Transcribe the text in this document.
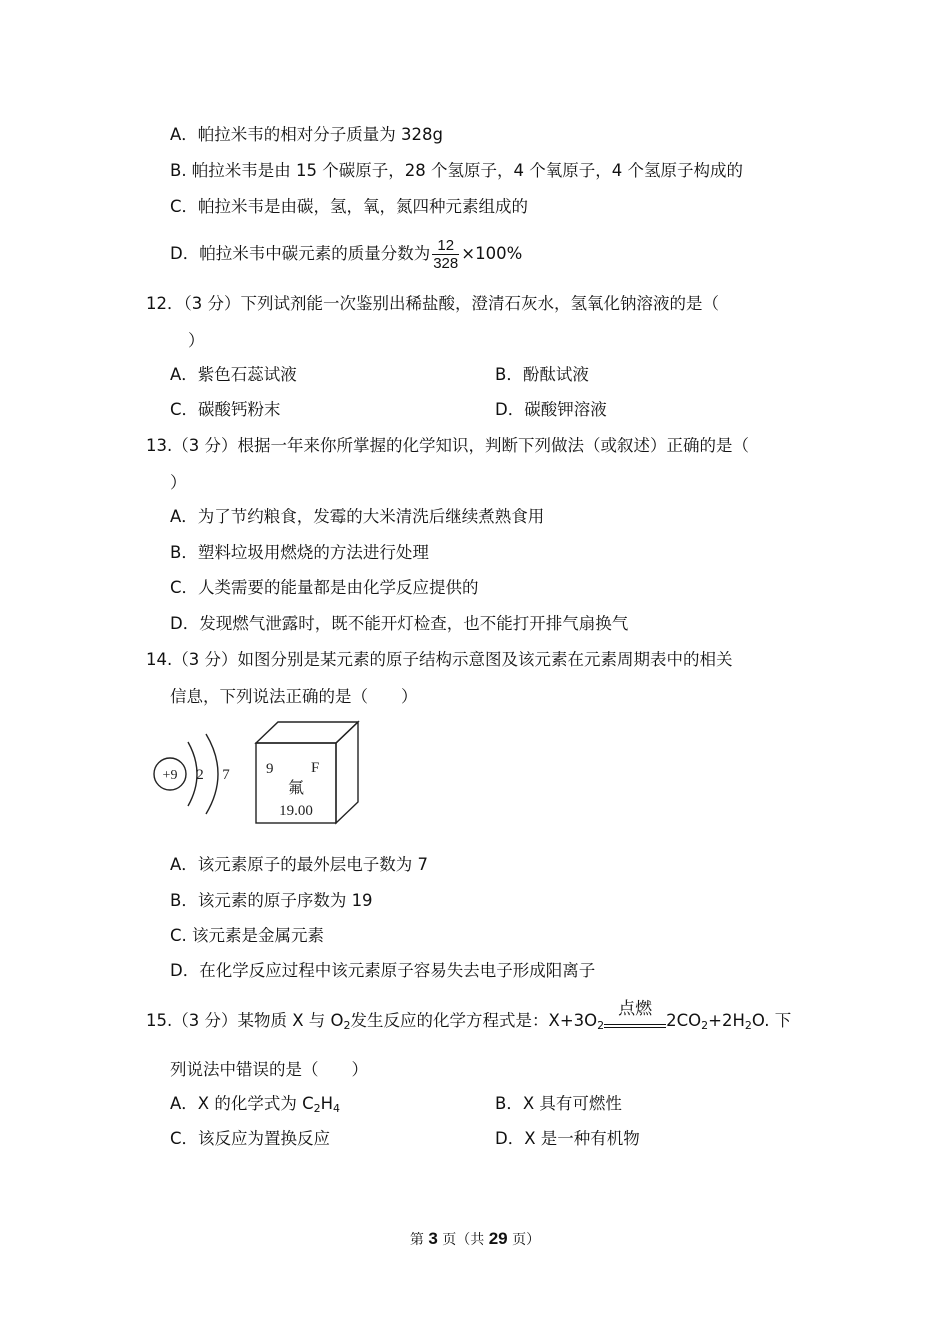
A．帕拉米韦的相对分子质量为 328g
B. 帕拉米韦是由 15 个碳原子，28 个氢原子，4 个氧原子，4 个氢原子构成的
C．帕拉米韦是由碳，氢，氧，氮四种元素组成的
D．帕拉米韦中碳元素的质量分数为 $\frac{12}{328} \times 100\%$
12．（3 分）下列试剂能一次鉴别出稀盐酸，澄清石灰水，氢氧化钠溶液的是（
）
A．紫色石蕊试液	B．酚酞试液
C．碳酸钙粉末	D．碳酸钾溶液
13.（3 分）根据一年来你所掌握的化学知识，判断下列做法（或叙述）正确的是（
）
A．为了节约粮食，发霉的大米清洗后继续煮熟食用
B．塑料垃圾用燃烧的方法进行处理
C．人类需要的能量都是由化学反应提供的
D．发现燃气泄露时，既不能开灯检查，也不能打开排气扇换气
14.（3 分）如图分别是某元素的原子结构示意图及该元素在元素周期表中的相关
信息，下列说法正确的是（　　）
+9 2 7 9	F
氟
19.00
A．该元素原子的最外层电子数为 7
B．该元素的原子序数为 19
C. 该元素是金属元素
D．在化学反应过程中该元素原子容易失去电子形成阳离子
15.（3 分）某物质 X 与 $O_2$发生反应的化学方程式是：$X+3O_2$
点燃
$2CO_2+2H_2O$. 下
列说法中错误的是（　　）
A．X 的化学式为 $C_2H_4$	B．X 具有可燃性
C．该反应为置换反应	D．X 是一种有机物
第 3 页（共 29 页）
